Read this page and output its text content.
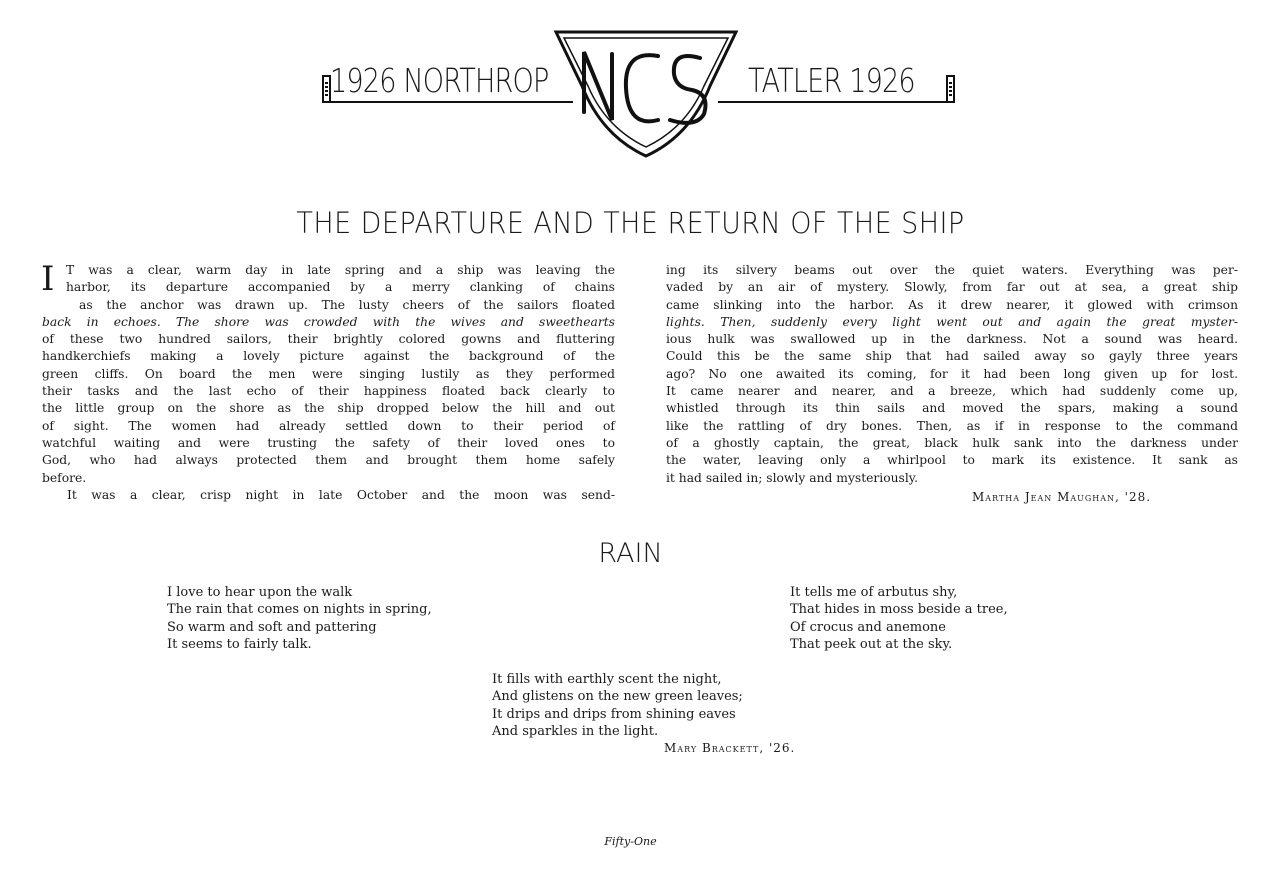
1926 NORTHROP
NCS
TATLER 1926
THE DEPARTURE AND THE RETURN OF THE SHIP
I T was a clear, warm day in late spring and a ship was leaving the
harbor, its departure accompanied by a merry clanking of chains
as the anchor was drawn up. The lusty cheers of the sailors floated
back in echoes. The shore was crowded with the wives and sweethearts
of these two hundred sailors, their brightly colored gowns and fluttering
handkerchiefs making a lovely picture against the background of the
green cliffs. On board the men were singing lustily as they performed
their tasks and the last echo of their happiness floated back clearly to
the little group on the shore as the ship dropped below the hill and out
of sight. The women had already settled down to their period of
watchful waiting and were trusting the safety of their loved ones to
God, who had always protected them and brought them home safely
before.
It was a clear, crisp night in late October and the moon was send-
ing its silvery beams out over the quiet waters. Everything was per-
vaded by an air of mystery. Slowly, from far out at sea, a great ship
came slinking into the harbor. As it drew nearer, it glowed with crimson
lights. Then, suddenly every light went out and again the great myster-
ious hulk was swallowed up in the darkness. Not a sound was heard.
Could this be the same ship that had sailed away so gayly three years
ago? No one awaited its coming, for it had been long given up for lost.
It came nearer and nearer, and a breeze, which had suddenly come up,
whistled through its thin sails and moved the spars, making a sound
like the rattling of dry bones. Then, as if in response to the command
of a ghostly captain, the great, black hulk sank into the darkness under
the water, leaving only a whirlpool to mark its existence. It sank as
it had sailed in; slowly and mysteriously.
Martha Jean Maughan, '28.
RAIN
I love to hear upon the walk
The rain that comes on nights in spring,
So warm and soft and pattering
It seems to fairly talk.
It tells me of arbutus shy,
That hides in moss beside a tree,
Of crocus and anemone
That peek out at the sky.
It fills with earthly scent the night,
And glistens on the new green leaves;
It drips and drips from shining eaves
And sparkles in the light.
Mary Brackett, '26.
Fifty-One
